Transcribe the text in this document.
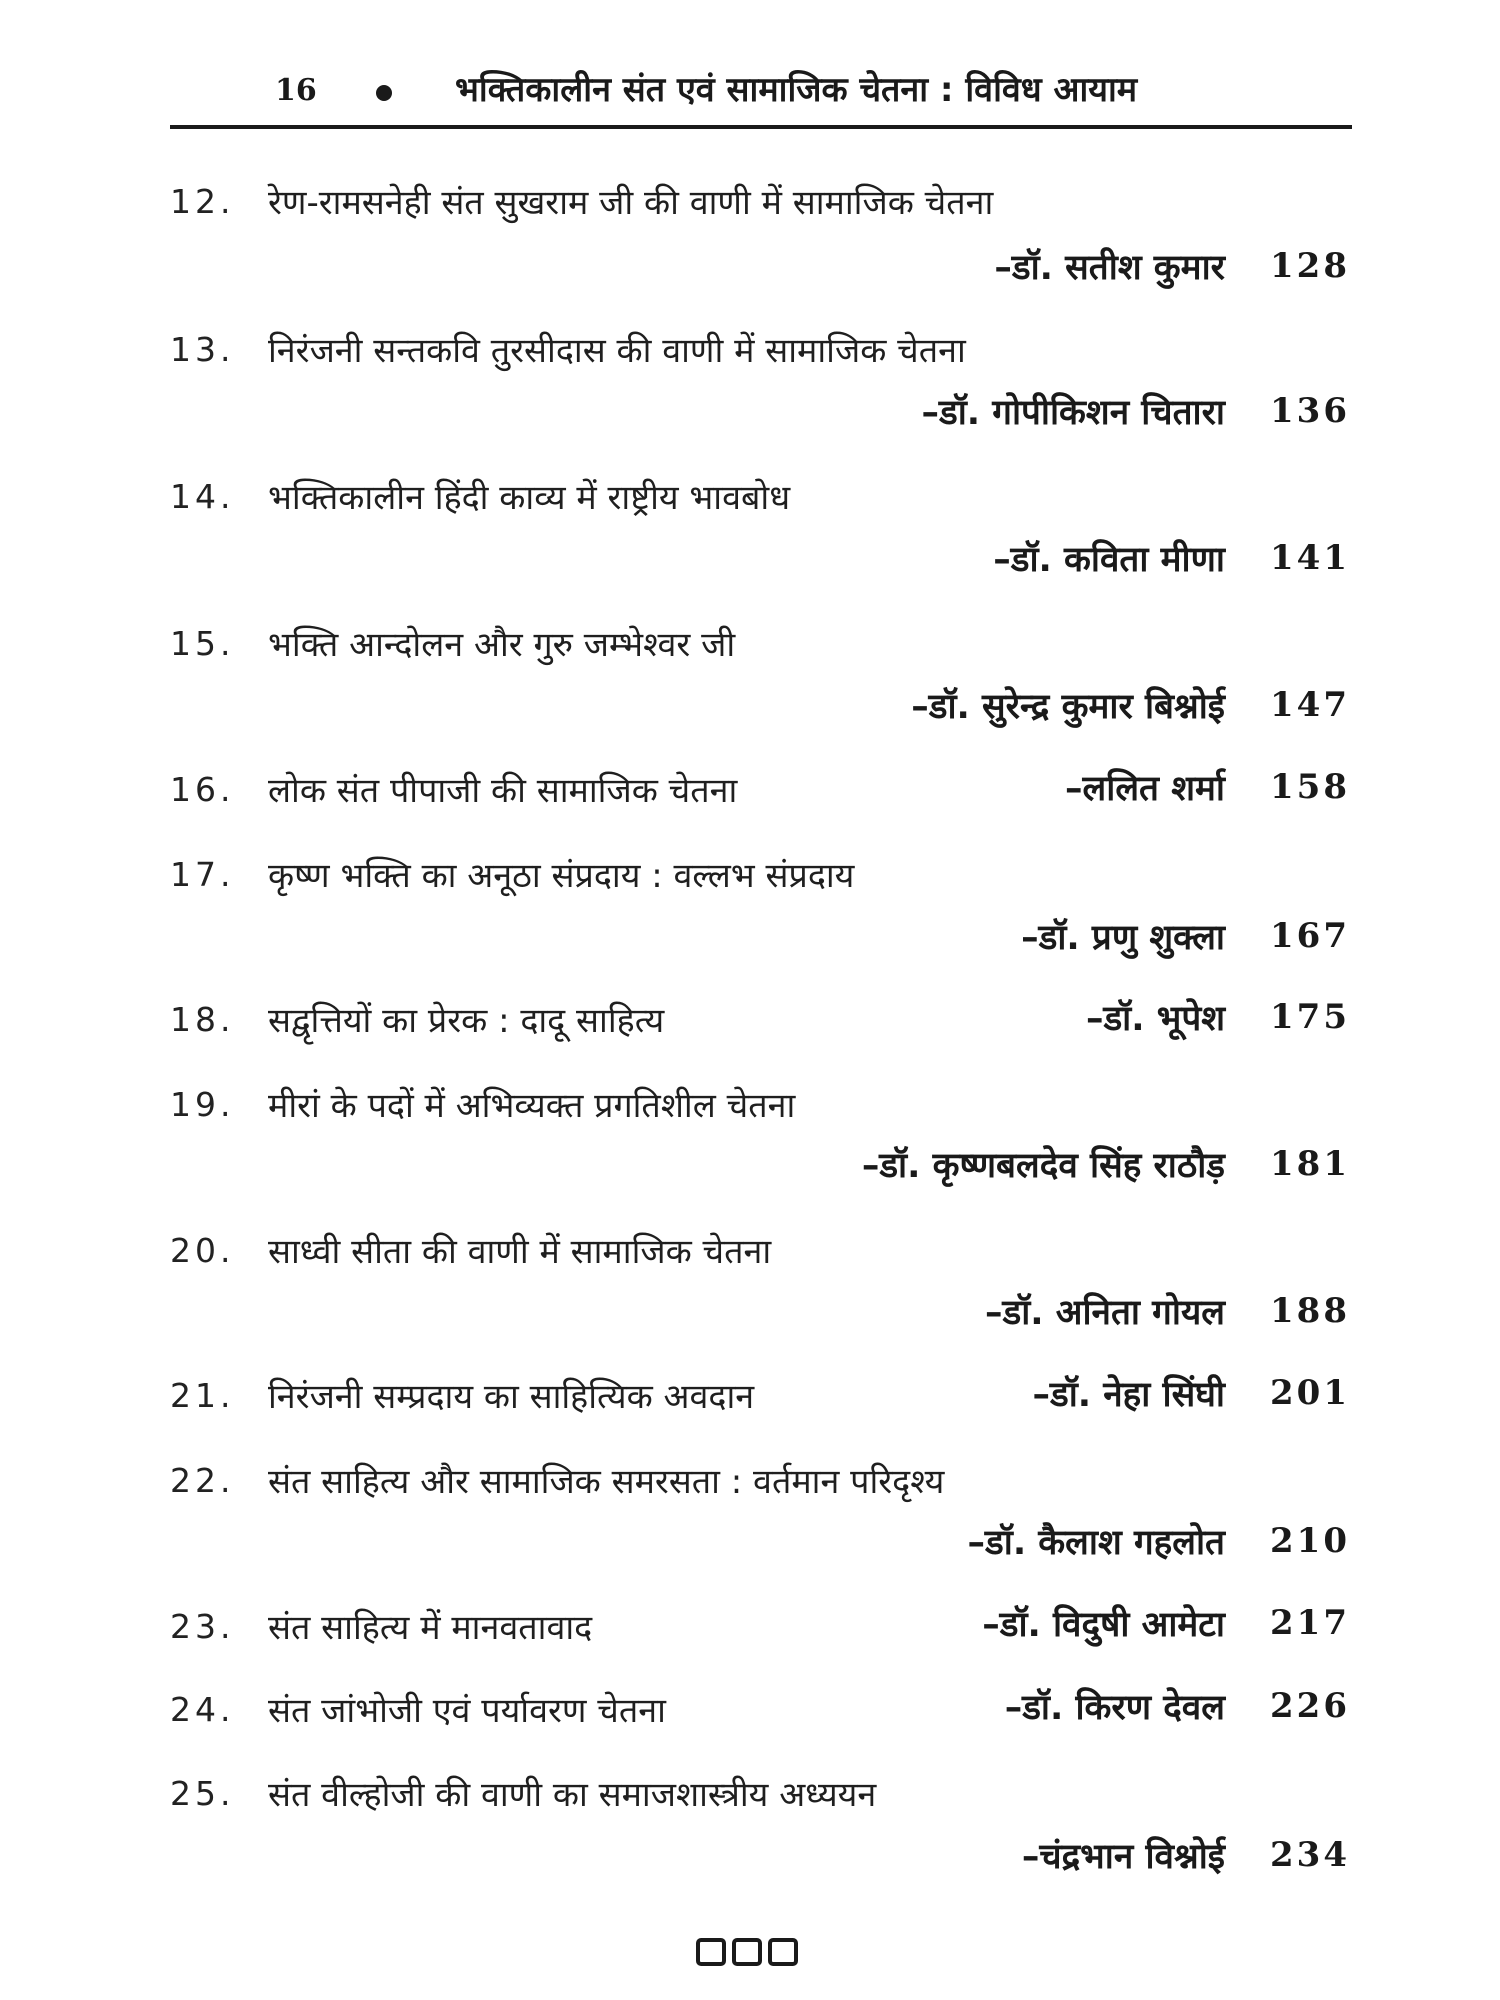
16	भक्तिकालीन संत एवं सामाजिक चेतना : विविध आयाम
12. रेण-रामसनेही संत सुखराम जी की वाणी में सामाजिक चेतना
–डॉ. सतीश कुमार	128
13. निरंजनी सन्तकवि तुरसीदास की वाणी में सामाजिक चेतना
–डॉ. गोपीकिशन चितारा	136
14. भक्तिकालीन हिंदी काव्य में राष्ट्रीय भावबोध
–डॉ. कविता मीणा	141
15. भक्ति आन्दोलन और गुरु जम्भेश्वर जी
–डॉ. सुरेन्द्र कुमार बिश्नोई	147
16. लोक संत पीपाजी की सामाजिक चेतना	–ललित शर्मा	158
17. कृष्ण भक्ति का अनूठा संप्रदाय : वल्लभ संप्रदाय
–डॉ. प्रणु शुक्ला	167
18. सद्वृत्तियों का प्रेरक : दादू साहित्य	–डॉ. भूपेश	175
19. मीरां के पदों में अभिव्यक्त प्रगतिशील चेतना
–डॉ. कृष्णबलदेव सिंह राठौड़	181
20. साध्वी सीता की वाणी में सामाजिक चेतना
–डॉ. अनिता गोयल	188
21. निरंजनी सम्प्रदाय का साहित्यिक अवदान	–डॉ. नेहा सिंघी	201
22. संत साहित्य और सामाजिक समरसता : वर्तमान परिदृश्य
–डॉ. कैलाश गहलोत	210
23. संत साहित्य में मानवतावाद	–डॉ. विदुषी आमेटा	217
24. संत जांभोजी एवं पर्यावरण चेतना	–डॉ. किरण देवल	226
25. संत वील्होजी की वाणी का समाजशास्त्रीय अध्ययन
–चंद्रभान विश्नोई	234
